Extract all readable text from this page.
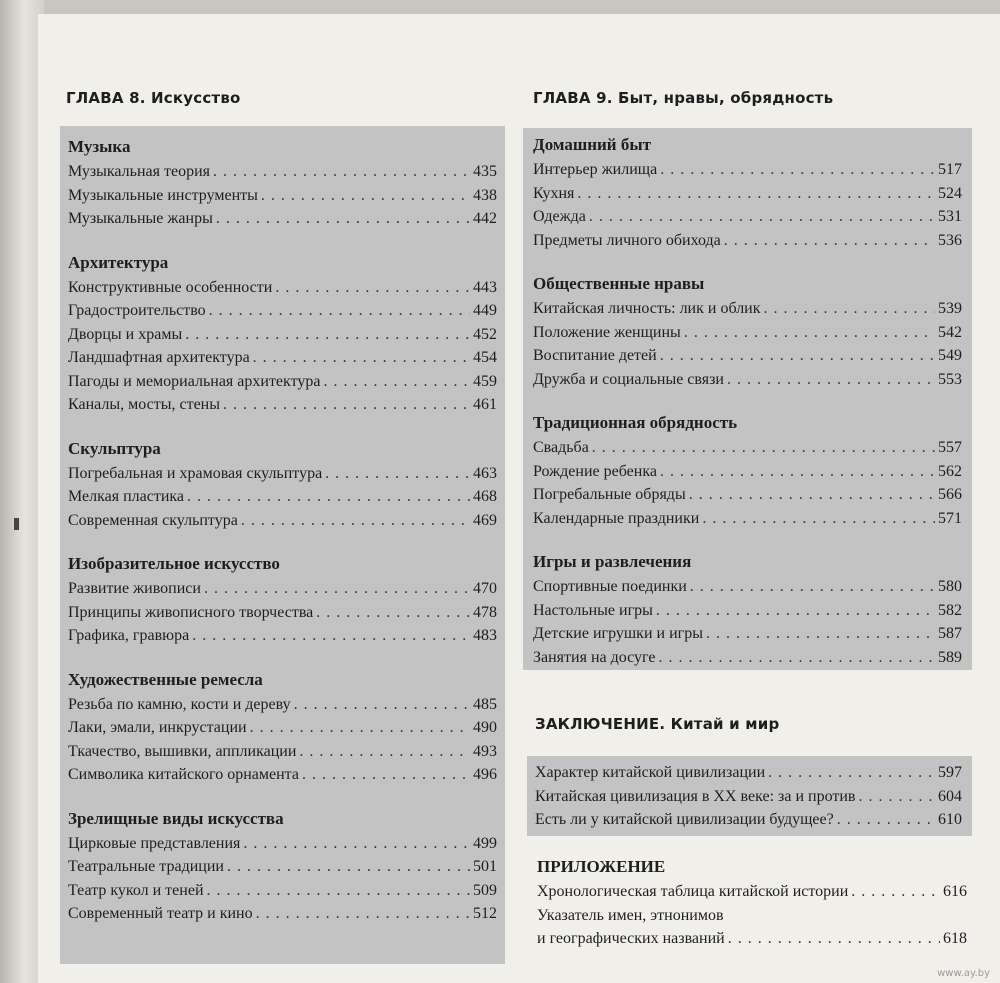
ГЛАВА 8. Искусство
Музыка
Музыкальная теория . . .	435
Музыкальные инструменты . . .	438
Музыкальные жанры . . .	442
Архитектура
Конструктивные особенности . . .	443
Градостроительство . . .	449
Дворцы и храмы . . .	452
Ландшафтная архитектура . . .	454
Пагоды и мемориальная архитектура . . .	459
Каналы, мосты, стены . . .	461
Скульптура
Погребальная и храмовая скульптура . . .	463
Мелкая пластика . . .	468
Современная скульптура . . .	469
Изобразительное искусство
Развитие живописи . . .	470
Принципы живописного творчества . . .	478
Графика, гравюра . . .	483
Художественные ремесла
Резьба по камню, кости и дереву . . .	485
Лаки, эмали, инкрустации . . .	490
Ткачество, вышивки, аппликации . . .	493
Символика китайского орнамента . . .	496
Зрелищные виды искусства
Цирковые представления . . .	499
Театральные традиции . . .	501
Театр кукол и теней . . .	509
Современный театр и кино . . .	512
ГЛАВА 9. Быт, нравы, обрядность
Домашний быт
Интерьер жилища . . .	517
Кухня . . .	524
Одежда . . .	531
Предметы личного обихода . . .	536
Общественные нравы
Китайская личность: лик и облик . . .	539
Положение женщины . . .	542
Воспитание детей . . .	549
Дружба и социальные связи . . .	553
Традиционная обрядность
Свадьба . . .	557
Рождение ребенка . . .	562
Погребальные обряды . . .	566
Календарные праздники . . .	571
Игры и развлечения
Спортивные поединки . . .	580
Настольные игры . . .	582
Детские игрушки и игры . . .	587
Занятия на досуге . . .	589
ЗАКЛЮЧЕНИЕ. Китай и мир
Характер китайской цивилизации . . .	597
Китайская цивилизация в XX веке: за и против . . .	604
Есть ли у китайской цивилизации будущее? . . .	610
ПРИЛОЖЕНИЕ
Хронологическая таблица китайской истории . . .	616
Указатель имен, этнонимов
и географических названий . . .	618
www.ay.by
